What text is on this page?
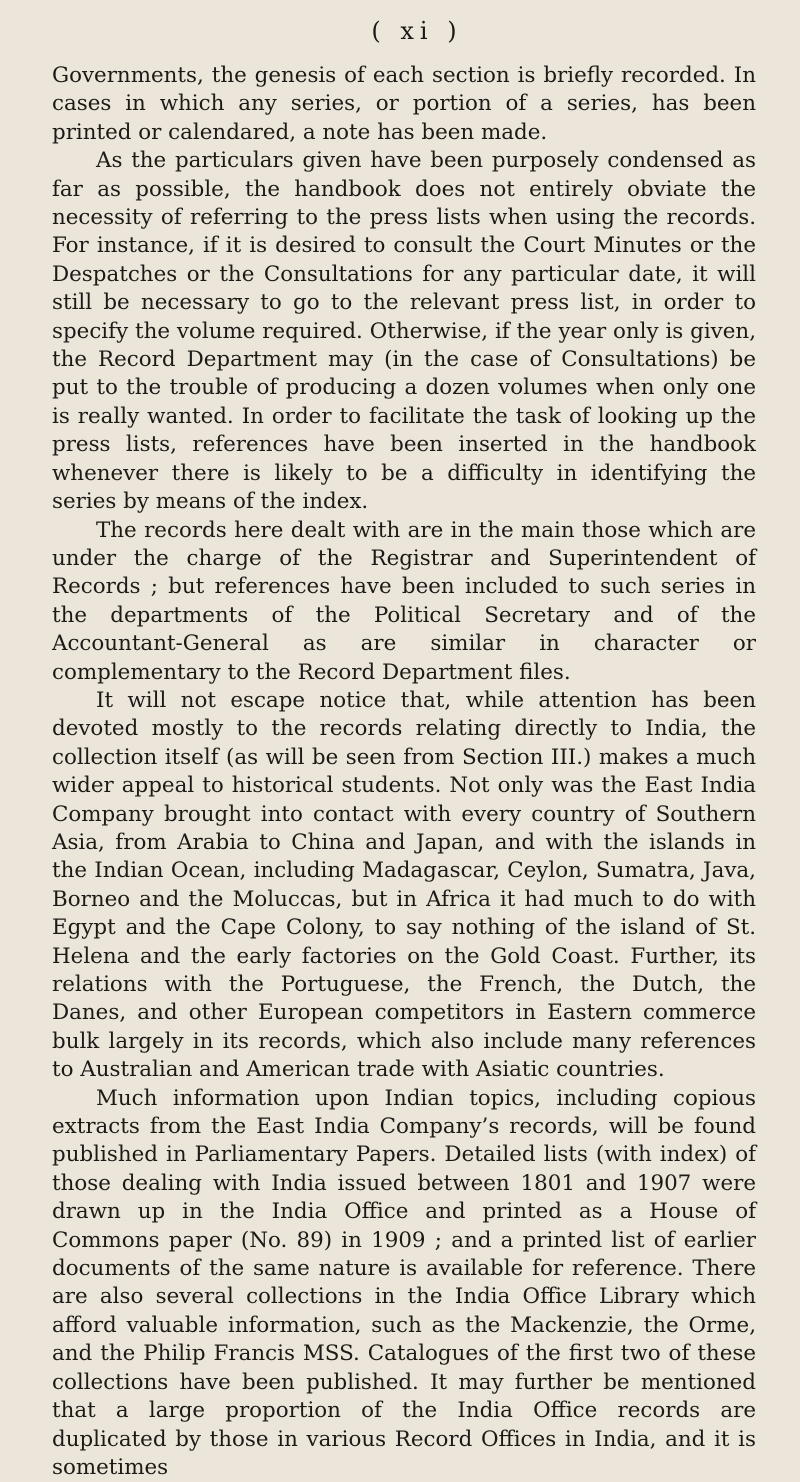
( xi )

Governments, the genesis of each section is briefly recorded. In cases in which any series, or portion of a series, has been printed or calendared, a note has been made.

As the particulars given have been purposely condensed as far as possible, the handbook does not entirely obviate the necessity of referring to the press lists when using the records. For instance, if it is desired to consult the Court Minutes or the Despatches or the Consultations for any particular date, it will still be necessary to go to the relevant press list, in order to specify the volume required. Otherwise, if the year only is given, the Record Department may (in the case of Consultations) be put to the trouble of producing a dozen volumes when only one is really wanted. In order to facilitate the task of looking up the press lists, references have been inserted in the handbook whenever there is likely to be a difficulty in identifying the series by means of the index.

The records here dealt with are in the main those which are under the charge of the Registrar and Superintendent of Records ; but references have been included to such series in the departments of the Political Secretary and of the Accountant-General as are similar in character or complementary to the Record Department files.

It will not escape notice that, while attention has been devoted mostly to the records relating directly to India, the collection itself (as will be seen from Section III.) makes a much wider appeal to historical students. Not only was the East India Company brought into contact with every country of Southern Asia, from Arabia to China and Japan, and with the islands in the Indian Ocean, including Madagascar, Ceylon, Sumatra, Java, Borneo and the Moluccas, but in Africa it had much to do with Egypt and the Cape Colony, to say nothing of the island of St. Helena and the early factories on the Gold Coast. Further, its relations with the Portuguese, the French, the Dutch, the Danes, and other European competitors in Eastern commerce bulk largely in its records, which also include many references to Australian and American trade with Asiatic countries.

Much information upon Indian topics, including copious extracts from the East India Company’s records, will be found published in Parliamentary Papers. Detailed lists (with index) of those dealing with India issued between 1801 and 1907 were drawn up in the India Office and printed as a House of Commons paper (No. 89) in 1909 ; and a printed list of earlier documents of the same nature is available for reference. There are also several collections in the India Office Library which afford valuable information, such as the Mackenzie, the Orme, and the Philip Francis MSS. Catalogues of the first two of these collections have been published. It may further be mentioned that a large proportion of the India Office records are duplicated by those in various Record Offices in India, and it is sometimes
